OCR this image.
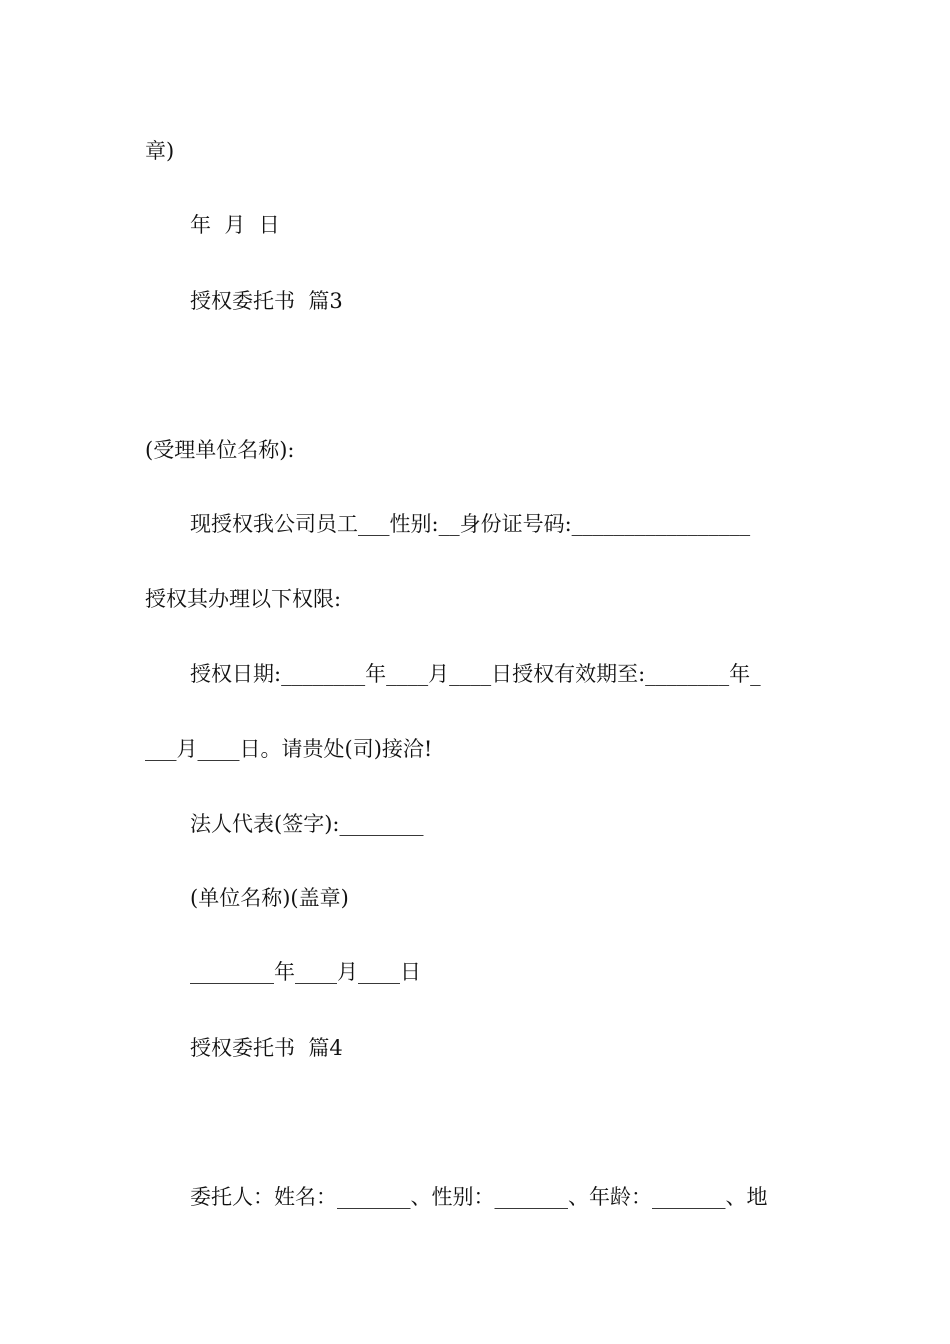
章)
年  月  日
授权委托书  篇3
(受理单位名称):
现授权我公司员工___性别:__身份证号码:_________________
授权其办理以下权限:
授权日期:________年____月____日授权有效期至:________年_
___月____日。请贵处(司)接洽!
法人代表(签字):________
(单位名称)(盖章)
________年____月____日
授权委托书  篇4
委托人：姓名：_______、性别：_______、年龄：_______、地
